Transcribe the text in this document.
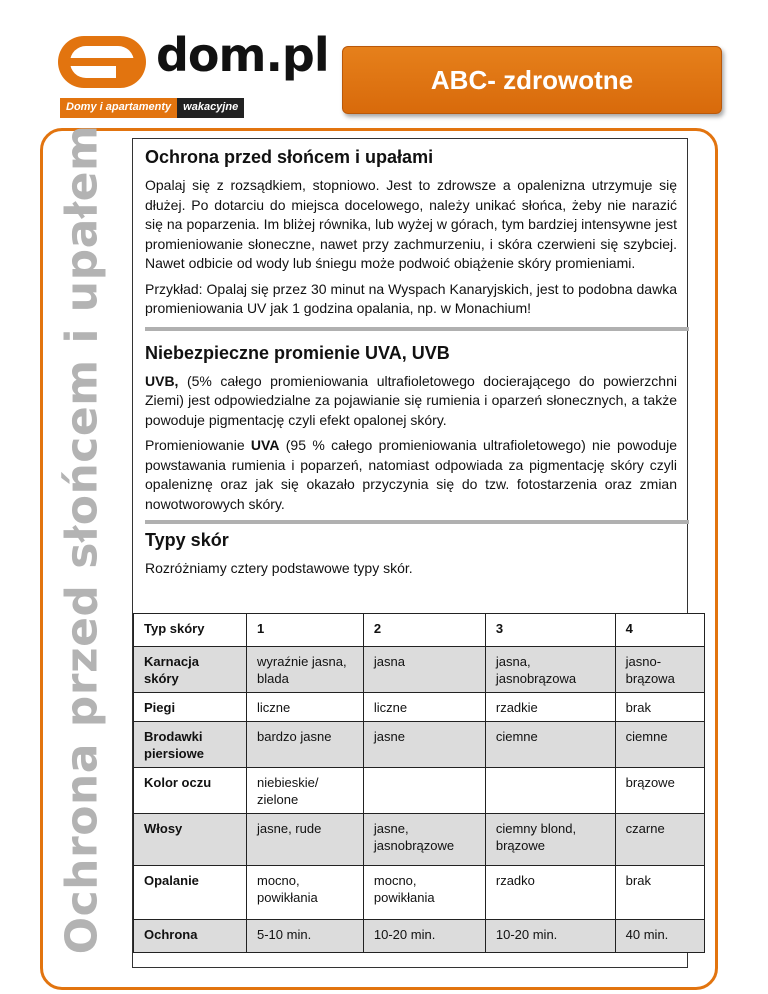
dom.pl
Domy i apartamenty	wakacyjne
ABC- zdrowotne
Ochrona przed słońcem i upałem Ochrona przed słońcem i upałami

Opalaj się z rozsądkiem, stopniowo. Jest to zdrowsze a opalenizna utrzymuje się dłużej. Po dotarciu do miejsca docelowego, należy unikać słońca, żeby nie narazić się na poparzenia. Im bliżej równika, lub wyżej w górach, tym bardziej intensywne jest promieniowanie słoneczne, nawet przy zachmurzeniu, i skóra czerwieni się szybciej. Nawet odbicie od wody lub śniegu może podwoić obiążenie skóry promieniami.

Przykład: Opalaj się przez 30 minut na Wyspach Kanaryjskich, jest to podobna dawka promieniowania UV jak 1 godzina opalania, np. w Monachium!

Niebezpieczne promienie UVA, UVB

UVB, (5% całego promieniowania ultrafioletowego docierającego do powierzchni Ziemi) jest odpowiedzialne za pojawianie się rumienia i oparzeń słonecznych, a także powoduje pigmentację czyli efekt opalonej skóry.

Promieniowanie UVA (95 % całego promieniowania ultrafioletowego) nie powoduje powstawania rumienia i poparzeń, natomiast odpowiada za pigmentację skóry czyli opaleniznę oraz jak się okazało przyczynia się do tzw. fotostarzenia oraz zmian nowotworowych skóry.

Typy skór

Rozróżniamy cztery podstawowe typy skór.

Typ skóry	1	2	3	4
Karnacja skóry	wyraźnie jasna, blada	jasna	jasna, jasnobrązowa	jasno-brązowa
Piegi	liczne	liczne	rzadkie	brak
Brodawki piersiowe	bardzo jasne	jasne	ciemne	ciemne
Kolor oczu	niebieskie/ zielone			brązowe
Włosy	jasne, rude	jasne, jasnobrązowe	ciemny blond, brązowe	czarne
Opalanie	mocno, powikłania	mocno, powikłania	rzadko	brak
Ochrona	5-10 min.	10-20 min.	10-20 min.	40 min.
